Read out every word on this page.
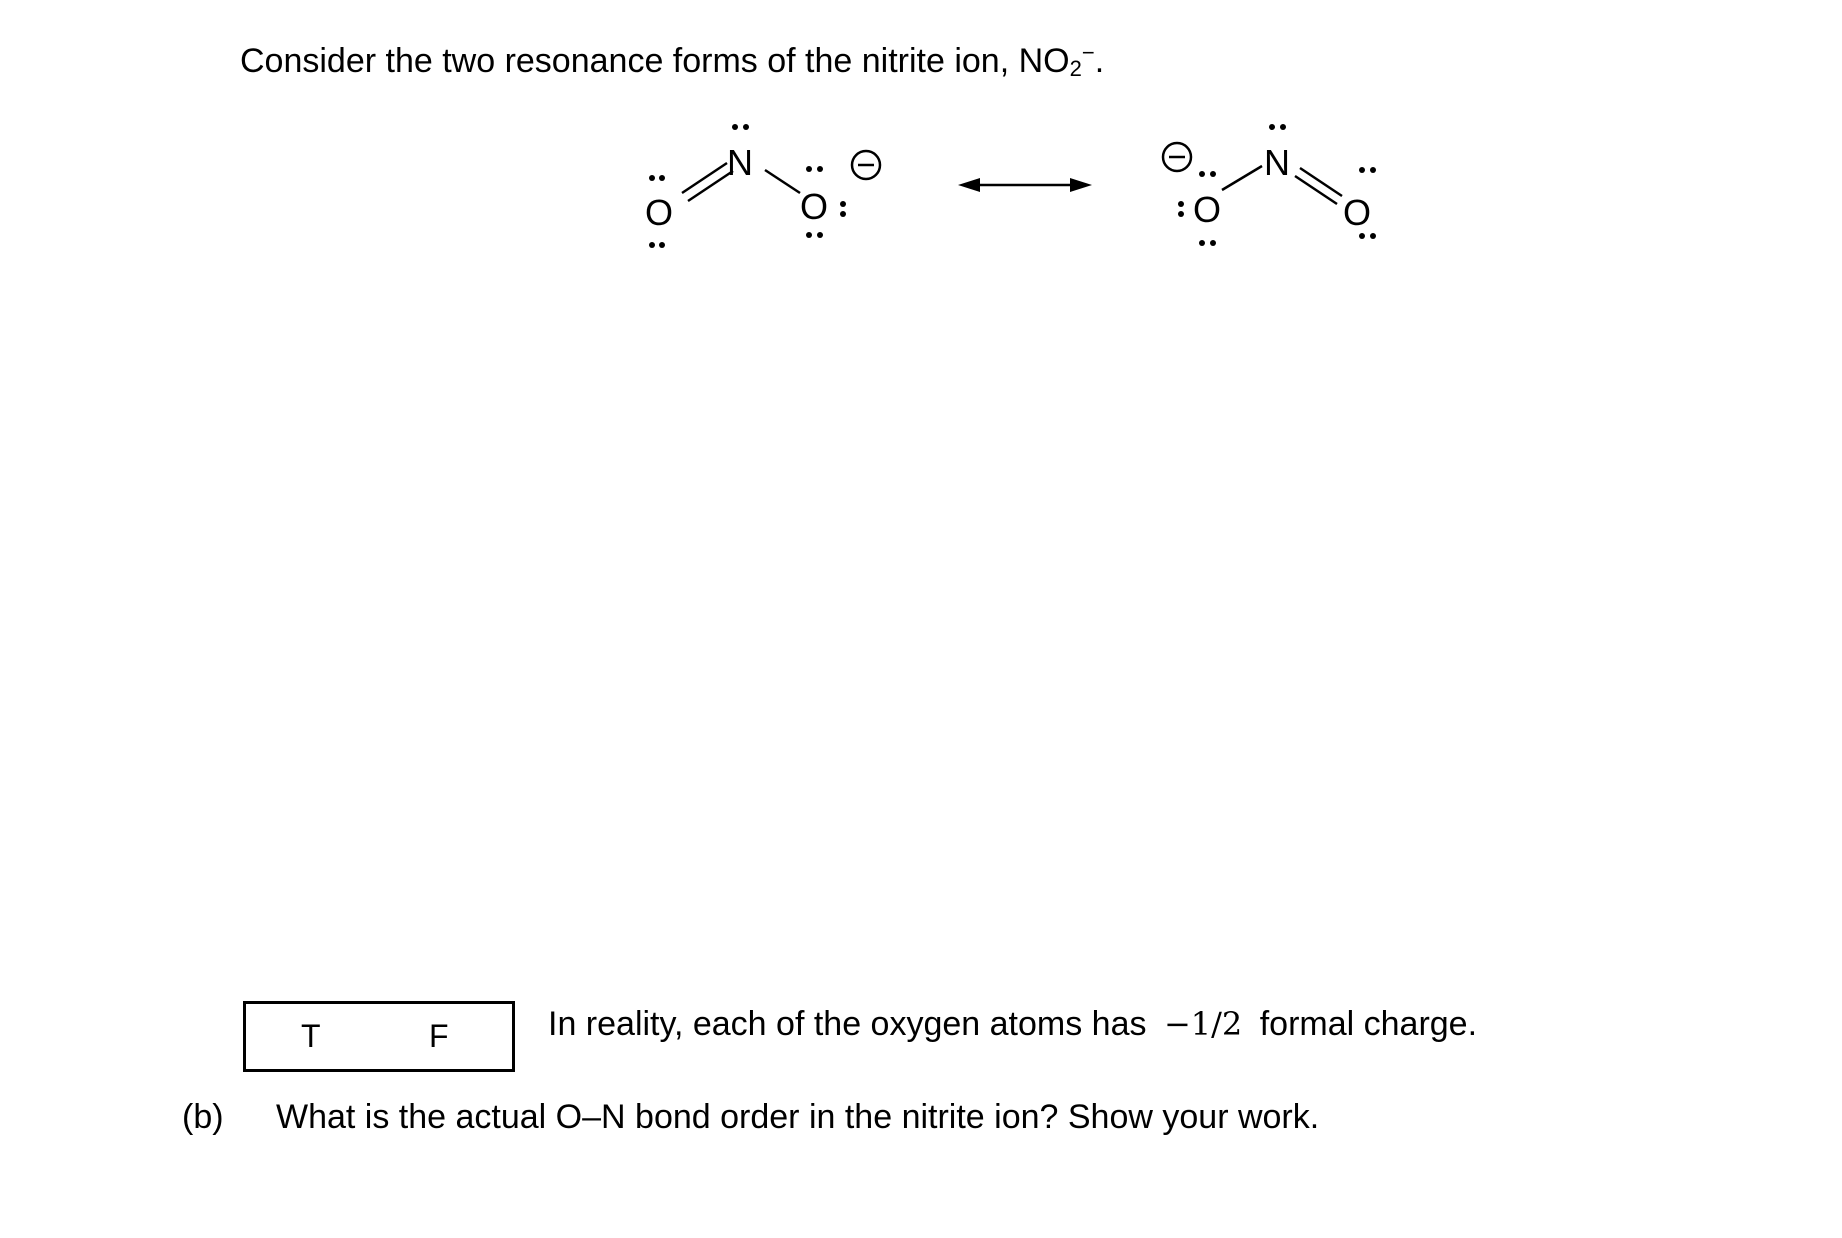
Consider the two resonance forms of the nitrite ion, $NO_2^-$.
O
N
O	O
N
O
T	F	In reality, each of the oxygen atoms has −1/2 formal charge.
(b) What is the actual O–N bond order in the nitrite ion? Show your work.
